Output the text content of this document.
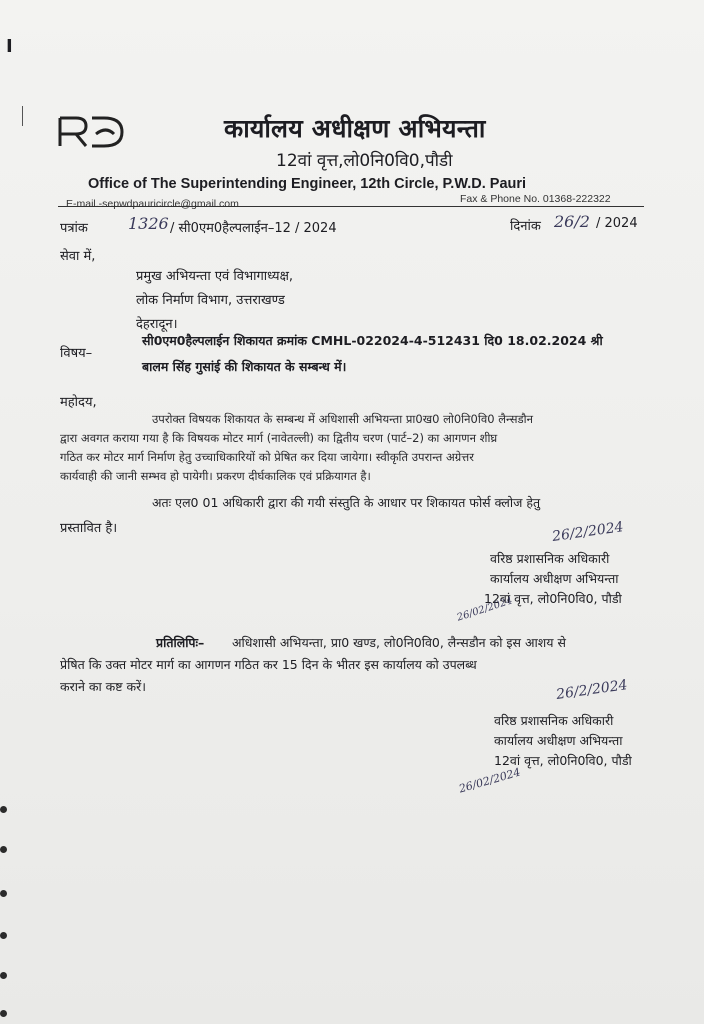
I
PWD
कार्यालय अधीक्षण अभियन्ता
12वां वृत्त,लो0नि0वि0,पौडी
Office of The Superintending Engineer, 12th Circle, P.W.D. Pauri
Fax & Phone No. 01368-222322
E-mail.-sepwdpauricircle@gmail.com
पत्रांक	1326 / सी0एम0हैल्पलाईन–12 / 2024	दिनांक 26/2 / 2024
सेवा में,
प्रमुख अभियन्ता एवं विभागाध्यक्ष,
लोक निर्माण विभाग, उत्तराखण्ड
देहरादून।
विषय–
सी0एम0हैल्पलाईन शिकायत क्रमांक CMHL-022024-4-512431 दि0 18.02.2024 श्री
बालम सिंह गुसांई की शिकायत के सम्बन्ध में।
महोदय,
उपरोक्त विषयक शिकायत के सम्बन्ध में अधिशासी अभियन्ता प्रा0ख0 लो0नि0वि0 लैन्सडौन
द्वारा अवगत कराया गया है कि विषयक मोटर मार्ग (नावेतल्ली) का द्वितीय चरण (पार्ट–2) का आगणन शीघ्र
गठित कर मोटर मार्ग निर्माण हेतु उच्चाधिकारियों को प्रेषित कर दिया जायेगा। स्वीकृति उपरान्त अग्रेत्तर
कार्यवाही की जानी सम्भव हो पायेगी। प्रकरण दीर्घकालिक एवं प्रक्रियागत है।
अतः एल0 01 अधिकारी द्वारा की गयी संस्तुति के आधार पर शिकायत फोर्स क्लोज हेतु
प्रस्तावित है।	26/2/2024
वरिष्ठ प्रशासनिक अधिकारी
कार्यालय अधीक्षण अभियन्ता
12वां वृत्त, लो0नि0वि0, पौडी
26/02/2024
प्रतिलिपिः– अधिशासी अभियन्ता, प्रा0 खण्ड, लो0नि0वि0, लैन्सडौन को इस आशय से
प्रेषित कि उक्त मोटर मार्ग का आगणन गठित कर 15 दिन के भीतर इस कार्यालय को उपलब्ध
कराने का कष्ट करें।	26/2/2024
वरिष्ठ प्रशासनिक अधिकारी
कार्यालय अधीक्षण अभियन्ता
12वां वृत्त, लो0नि0वि0, पौडी
26/02/2024
